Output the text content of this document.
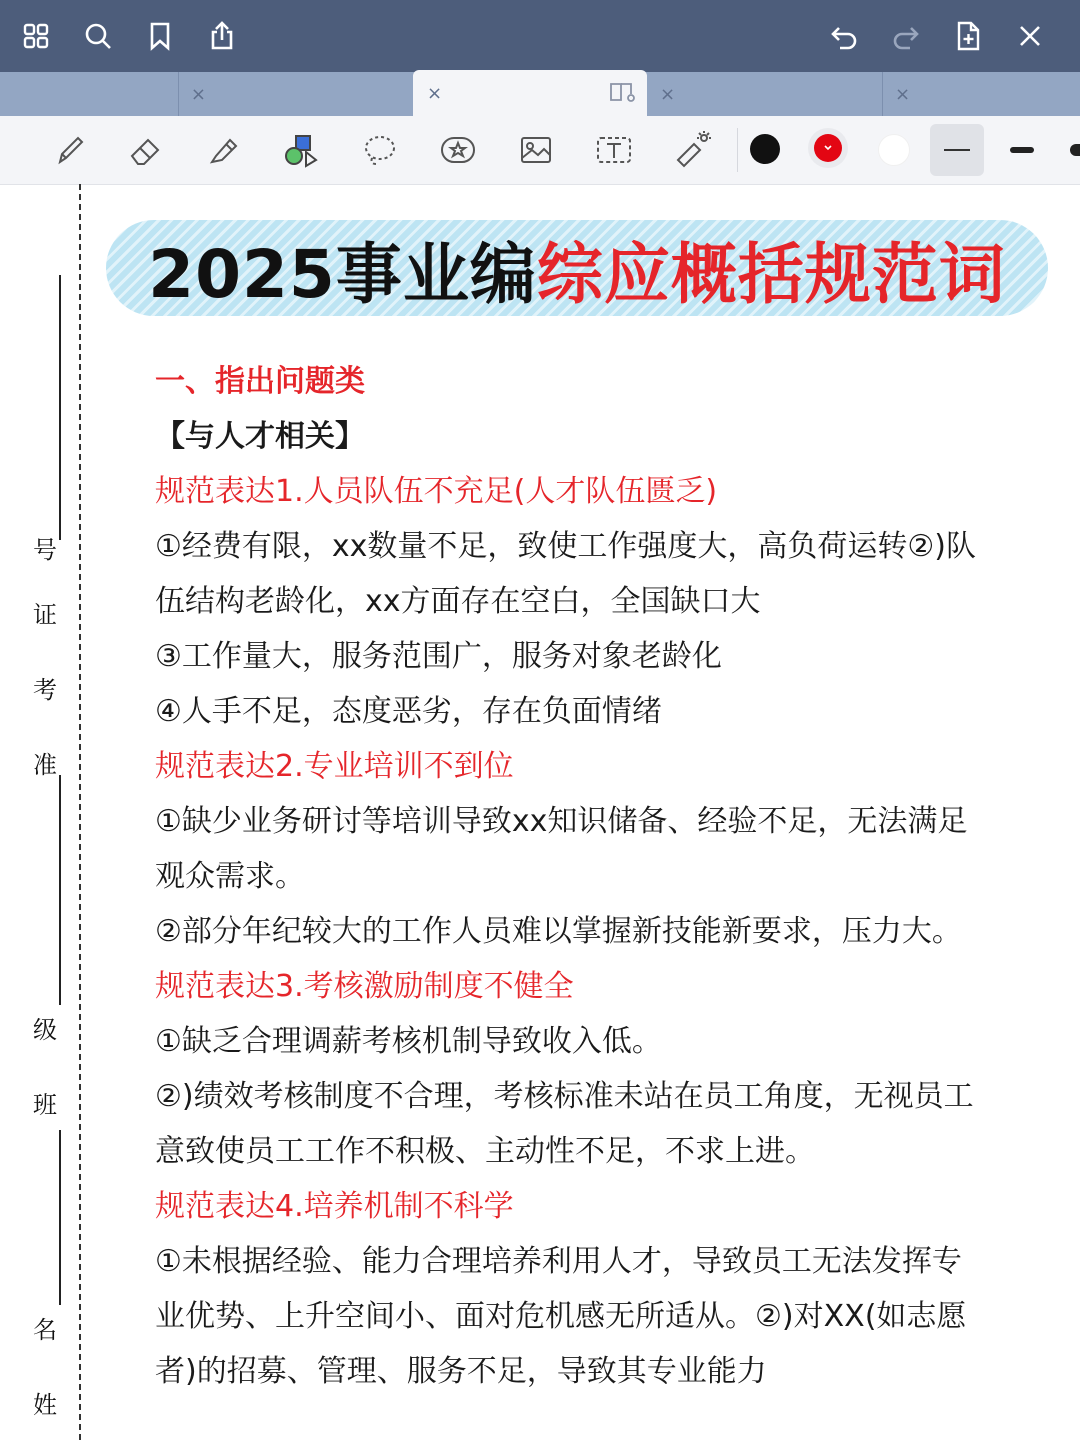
×	×	×	×
号
证
考
准
级
班
名
姓
2025事业编综应概括规范词

一、指出问题类

【与人才相关】

规范表达1.人员队伍不充足(人才队伍匮乏)

①经费有限，xx数量不足，致使工作强度大，高负荷运转②)队

伍结构老龄化，xx方面存在空白，全国缺口大

③工作量大，服务范围广，服务对象老龄化

④人手不足，态度恶劣，存在负面情绪

规范表达2.专业培训不到位

①缺少业务研讨等培训导致xx知识储备、经验不足，无法满足

观众需求。

②部分年纪较大的工作人员难以掌握新技能新要求，压力大。

规范表达3.考核激励制度不健全

①缺乏合理调薪考核机制导致收入低。

②)绩效考核制度不合理，考核标准未站在员工角度，无视员工

意致使员工工作不积极、主动性不足，不求上进。

规范表达4.培养机制不科学

①未根据经验、能力合理培养利用人才，导致员工无法发挥专

业优势、上升空间小、面对危机感无所适从。②)对XX(如志愿

者)的招募、管理、服务不足，导致其专业能力
